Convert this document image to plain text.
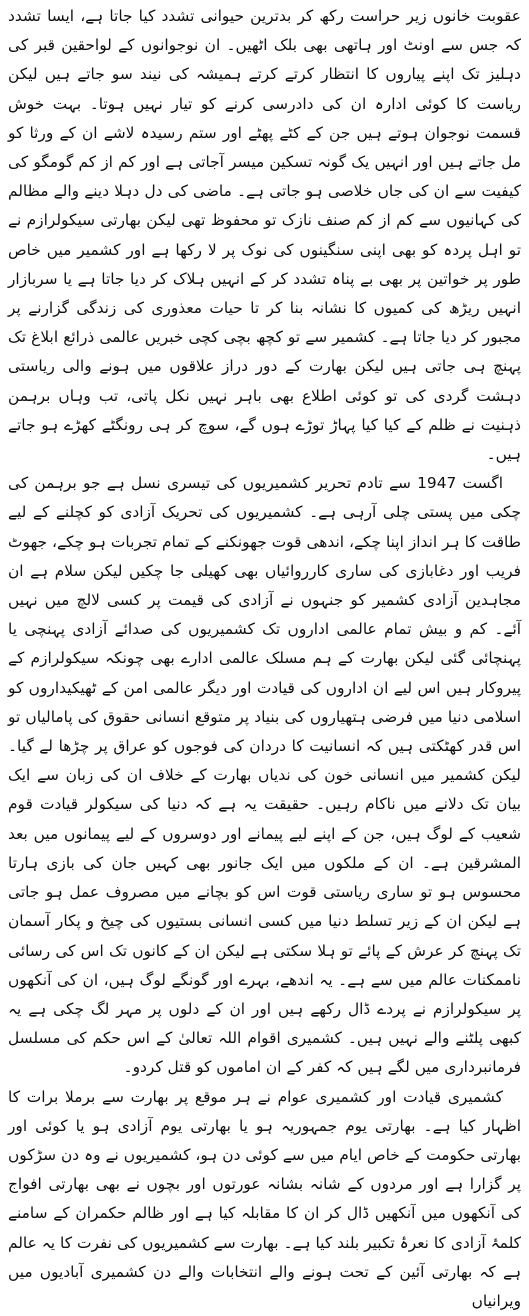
عقوبت خانوں زیر حراست رکھ کر بدترین حیوانی تشدد کیا جاتا ہے، ایسا تشدد کہ جس سے اونٹ اور ہاتھی بھی بلک اٹھیں۔ ان نوجوانوں کے لواحقین قبر کی دہلیز تک اپنے پیاروں کا انتظار کرتے کرتے ہمیشہ کی نیند سو جاتے ہیں لیکن ریاست کا کوئی ادارہ ان کی دادرسی کرنے کو تیار نہیں ہوتا۔ بہت خوش قسمت نوجوان ہوتے ہیں جن کے کٹے پھٹے اور ستم رسیدہ لاشے ان کے ورثا کو مل جاتے ہیں اور انہیں یک گونہ تسکین میسر آجاتی ہے اور کم از کم گومگو کی کیفیت سے ان کی جاں خلاصی ہو جاتی ہے۔ ماضی کی دل دہلا دینے والے مظالم کی کہانیوں سے کم از کم صنف نازک تو محفوظ تھی لیکن بھارتی سیکولرازم نے تو اہل پردہ کو بھی اپنی سنگینوں کی نوک پر لا رکھا ہے اور کشمیر میں خاص طور پر خواتین پر بھی بے پناہ تشدد کر کے انہیں ہلاک کر دیا جاتا ہے یا سربازار انہیں ریڑھ کی کمیوں کا نشانہ بنا کر تا حیات معذوری کی زندگی گزارنے پر مجبور کر دیا جاتا ہے۔ کشمیر سے تو کچھ بچی کچی خبریں عالمی ذرائع ابلاغ تک پہنچ ہی جاتی ہیں لیکن بھارت کے دور دراز علاقوں میں ہونے والی ریاستی دہشت گردی کی تو کوئی اطلاع بھی باہر نہیں نکل پاتی، تب وہاں برہمن ذہنیت نے ظلم کے کیا کیا پہاڑ توڑے ہوں گے، سوچ کر ہی رونگٹے کھڑے ہو جاتے ہیں۔

اگست 1947 سے تادم تحریر کشمیریوں کی تیسری نسل ہے جو برہمن کی چکی میں پستی چلی آرہی ہے۔ کشمیریوں کی تحریک آزادی کو کچلنے کے لیے طاقت کا ہر انداز اپنا چکے، اندھی قوت جھونکنے کے تمام تجربات ہو چکے، جھوٹ فریب اور دغابازی کی ساری کارروائیاں بھی کھیلی جا چکیں لیکن سلام ہے ان مجاہدین آزادی کشمیر کو جنہوں نے آزادی کی قیمت پر کسی لالچ میں نہیں آئے۔ کم و بیش تمام عالمی اداروں تک کشمیریوں کی صدائے آزادی پہنچی یا پہنچائی گئی لیکن بھارت کے ہم مسلک عالمی ادارے بھی چونکہ سیکولرازم کے پیروکار ہیں اس لیے ان اداروں کی قیادت اور دیگر عالمی امن کے ٹھیکیداروں کو اسلامی دنیا میں فرضی ہتھیاروں کی بنیاد پر متوقع انسانی حقوق کی پامالیاں تو اس قدر کھٹکتی ہیں کہ انسانیت کا دردان کی فوجوں کو عراق پر چڑھا لے گیا۔ لیکن کشمیر میں انسانی خون کی ندیاں بھارت کے خلاف ان کی زبان سے ایک بیان تک دلانے میں ناکام رہیں۔ حقیقت یہ ہے کہ دنیا کی سیکولر قیادت قوم شعیب کے لوگ ہیں، جن کے اپنے لیے پیمانے اور دوسروں کے لیے پیمانوں میں بعد المشرقین ہے۔ ان کے ملکوں میں ایک جانور بھی کہیں جان کی بازی ہارتا محسوس ہو تو ساری ریاستی قوت اس کو بچانے میں مصروف عمل ہو جاتی ہے لیکن ان کے زیر تسلط دنیا میں کسی انسانی بستیوں کی چیخ و پکار آسمان تک پہنچ کر عرش کے پائے تو ہلا سکتی ہے لیکن ان کے کانوں تک اس کی رسائی ناممکنات عالم میں سے ہے۔ یہ اندھے، بہرے اور گونگے لوگ ہیں، ان کی آنکھوں پر سیکولرازم نے پردے ڈال رکھے ہیں اور ان کے دلوں پر مہر لگ چکی ہے یہ کبھی پلٹنے والے نہیں ہیں۔ کشمیری اقوام اللہ تعالیٰ کے اس حکم کی مسلسل فرمانبرداری میں لگے ہیں کہ کفر کے ان اماموں کو قتل کردو۔

کشمیری قیادت اور کشمیری عوام نے ہر موقع پر بھارت سے برملا برات کا اظہار کیا ہے۔ بھارتی یوم جمہوریہ ہو یا بھارتی یوم آزادی ہو یا کوئی اور بھارتی حکومت کے خاص ایام میں سے کوئی دن ہو، کشمیریوں نے وہ دن سڑکوں پر گزارا ہے اور مردوں کے شانہ بشانہ عورتوں اور بچوں نے بھی بھارتی افواج کی آنکھوں میں آنکھیں ڈال کر ان کا مقابلہ کیا ہے اور ظالم حکمران کے سامنے کلمۂ آزادی کا نعرۂ تکبیر بلند کیا ہے۔ بھارت سے کشمیریوں کی نفرت کا یہ عالم ہے کہ بھارتی آئین کے تحت ہونے والے انتخابات والے دن کشمیری آبادیوں میں ویرانیاں
